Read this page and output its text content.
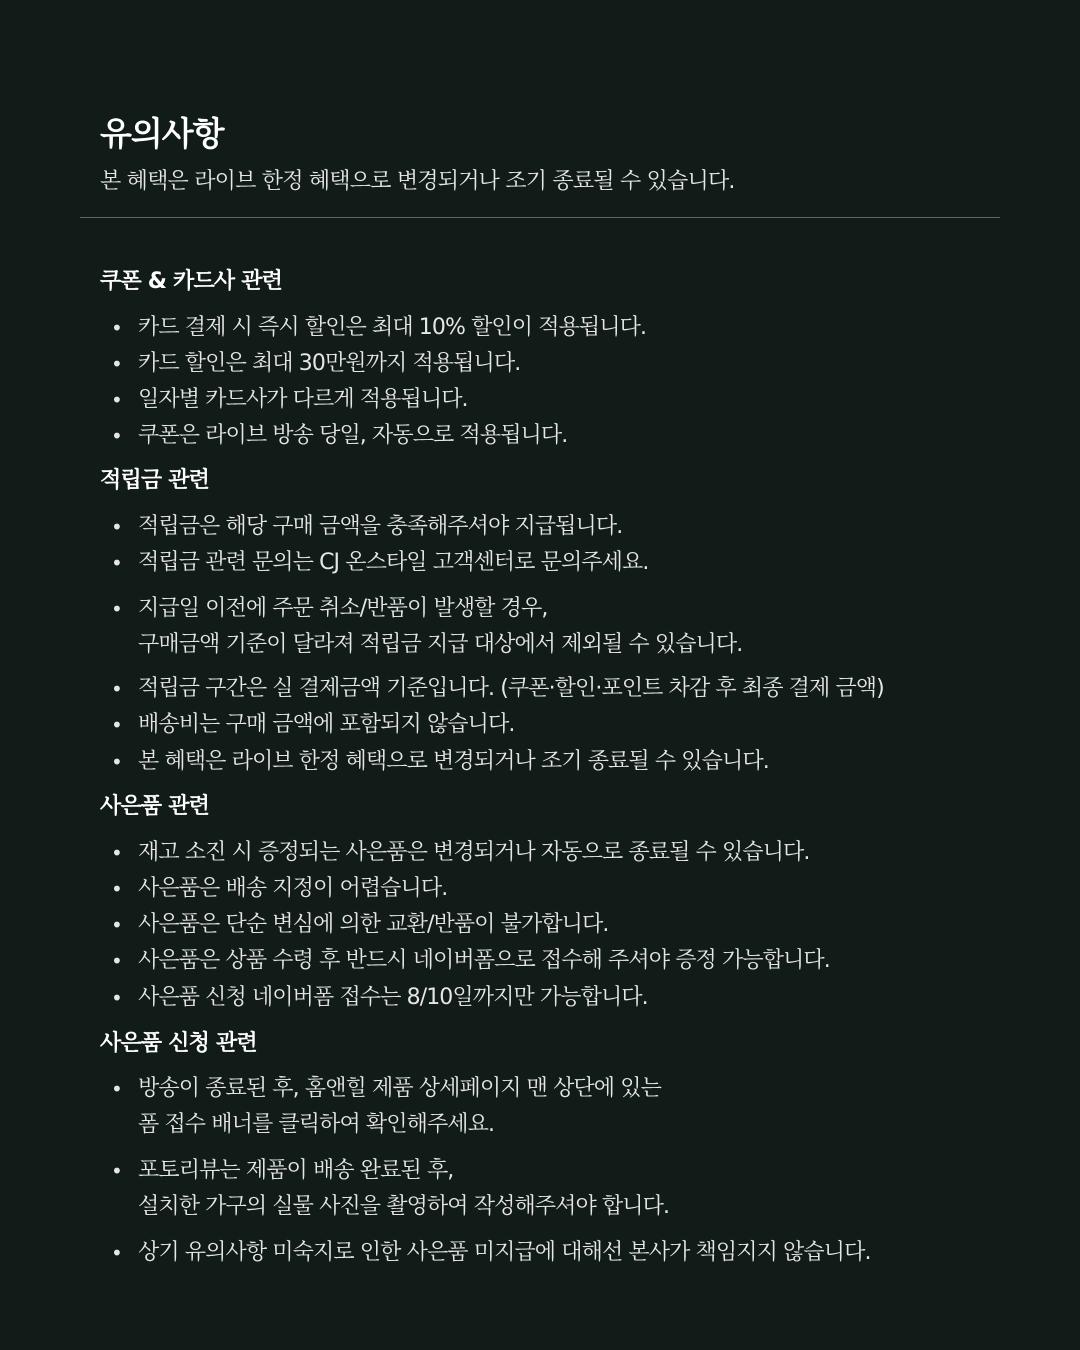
유의사항
본 혜택은 라이브 한정 혜택으로 변경되거나 조기 종료될 수 있습니다.
쿠폰 & 카드사 관련
• 카드 결제 시 즉시 할인은 최대 10% 할인이 적용됩니다.
• 카드 할인은 최대 30만원까지 적용됩니다.
• 일자별 카드사가 다르게 적용됩니다.
• 쿠폰은 라이브 방송 당일, 자동으로 적용됩니다.
적립금 관련
• 적립금은 해당 구매 금액을 충족해주셔야 지급됩니다.
• 적립금 관련 문의는 CJ 온스타일 고객센터로 문의주세요.
• 지급일 이전에 주문 취소/반품이 발생할 경우,
구매금액 기준이 달라져 적립금 지급 대상에서 제외될 수 있습니다.
• 적립금 구간은 실 결제금액 기준입니다. (쿠폰·할인·포인트 차감 후 최종 결제 금액)
• 배송비는 구매 금액에 포함되지 않습니다.
• 본 혜택은 라이브 한정 혜택으로 변경되거나 조기 종료될 수 있습니다.
사은품 관련
• 재고 소진 시 증정되는 사은품은 변경되거나 자동으로 종료될 수 있습니다.
• 사은품은 배송 지정이 어렵습니다.
• 사은품은 단순 변심에 의한 교환/반품이 불가합니다.
• 사은품은 상품 수령 후 반드시 네이버폼으로 접수해 주셔야 증정 가능합니다.
• 사은품 신청 네이버폼 접수는 8/10일까지만 가능합니다.
사은품 신청 관련
• 방송이 종료된 후, 홈앤힐 제품 상세페이지 맨 상단에 있는
폼 접수 배너를 클릭하여 확인해주세요.
• 포토리뷰는 제품이 배송 완료된 후,
설치한 가구의 실물 사진을 촬영하여 작성해주셔야 합니다.
• 상기 유의사항 미숙지로 인한 사은품 미지급에 대해선 본사가 책임지지 않습니다.
